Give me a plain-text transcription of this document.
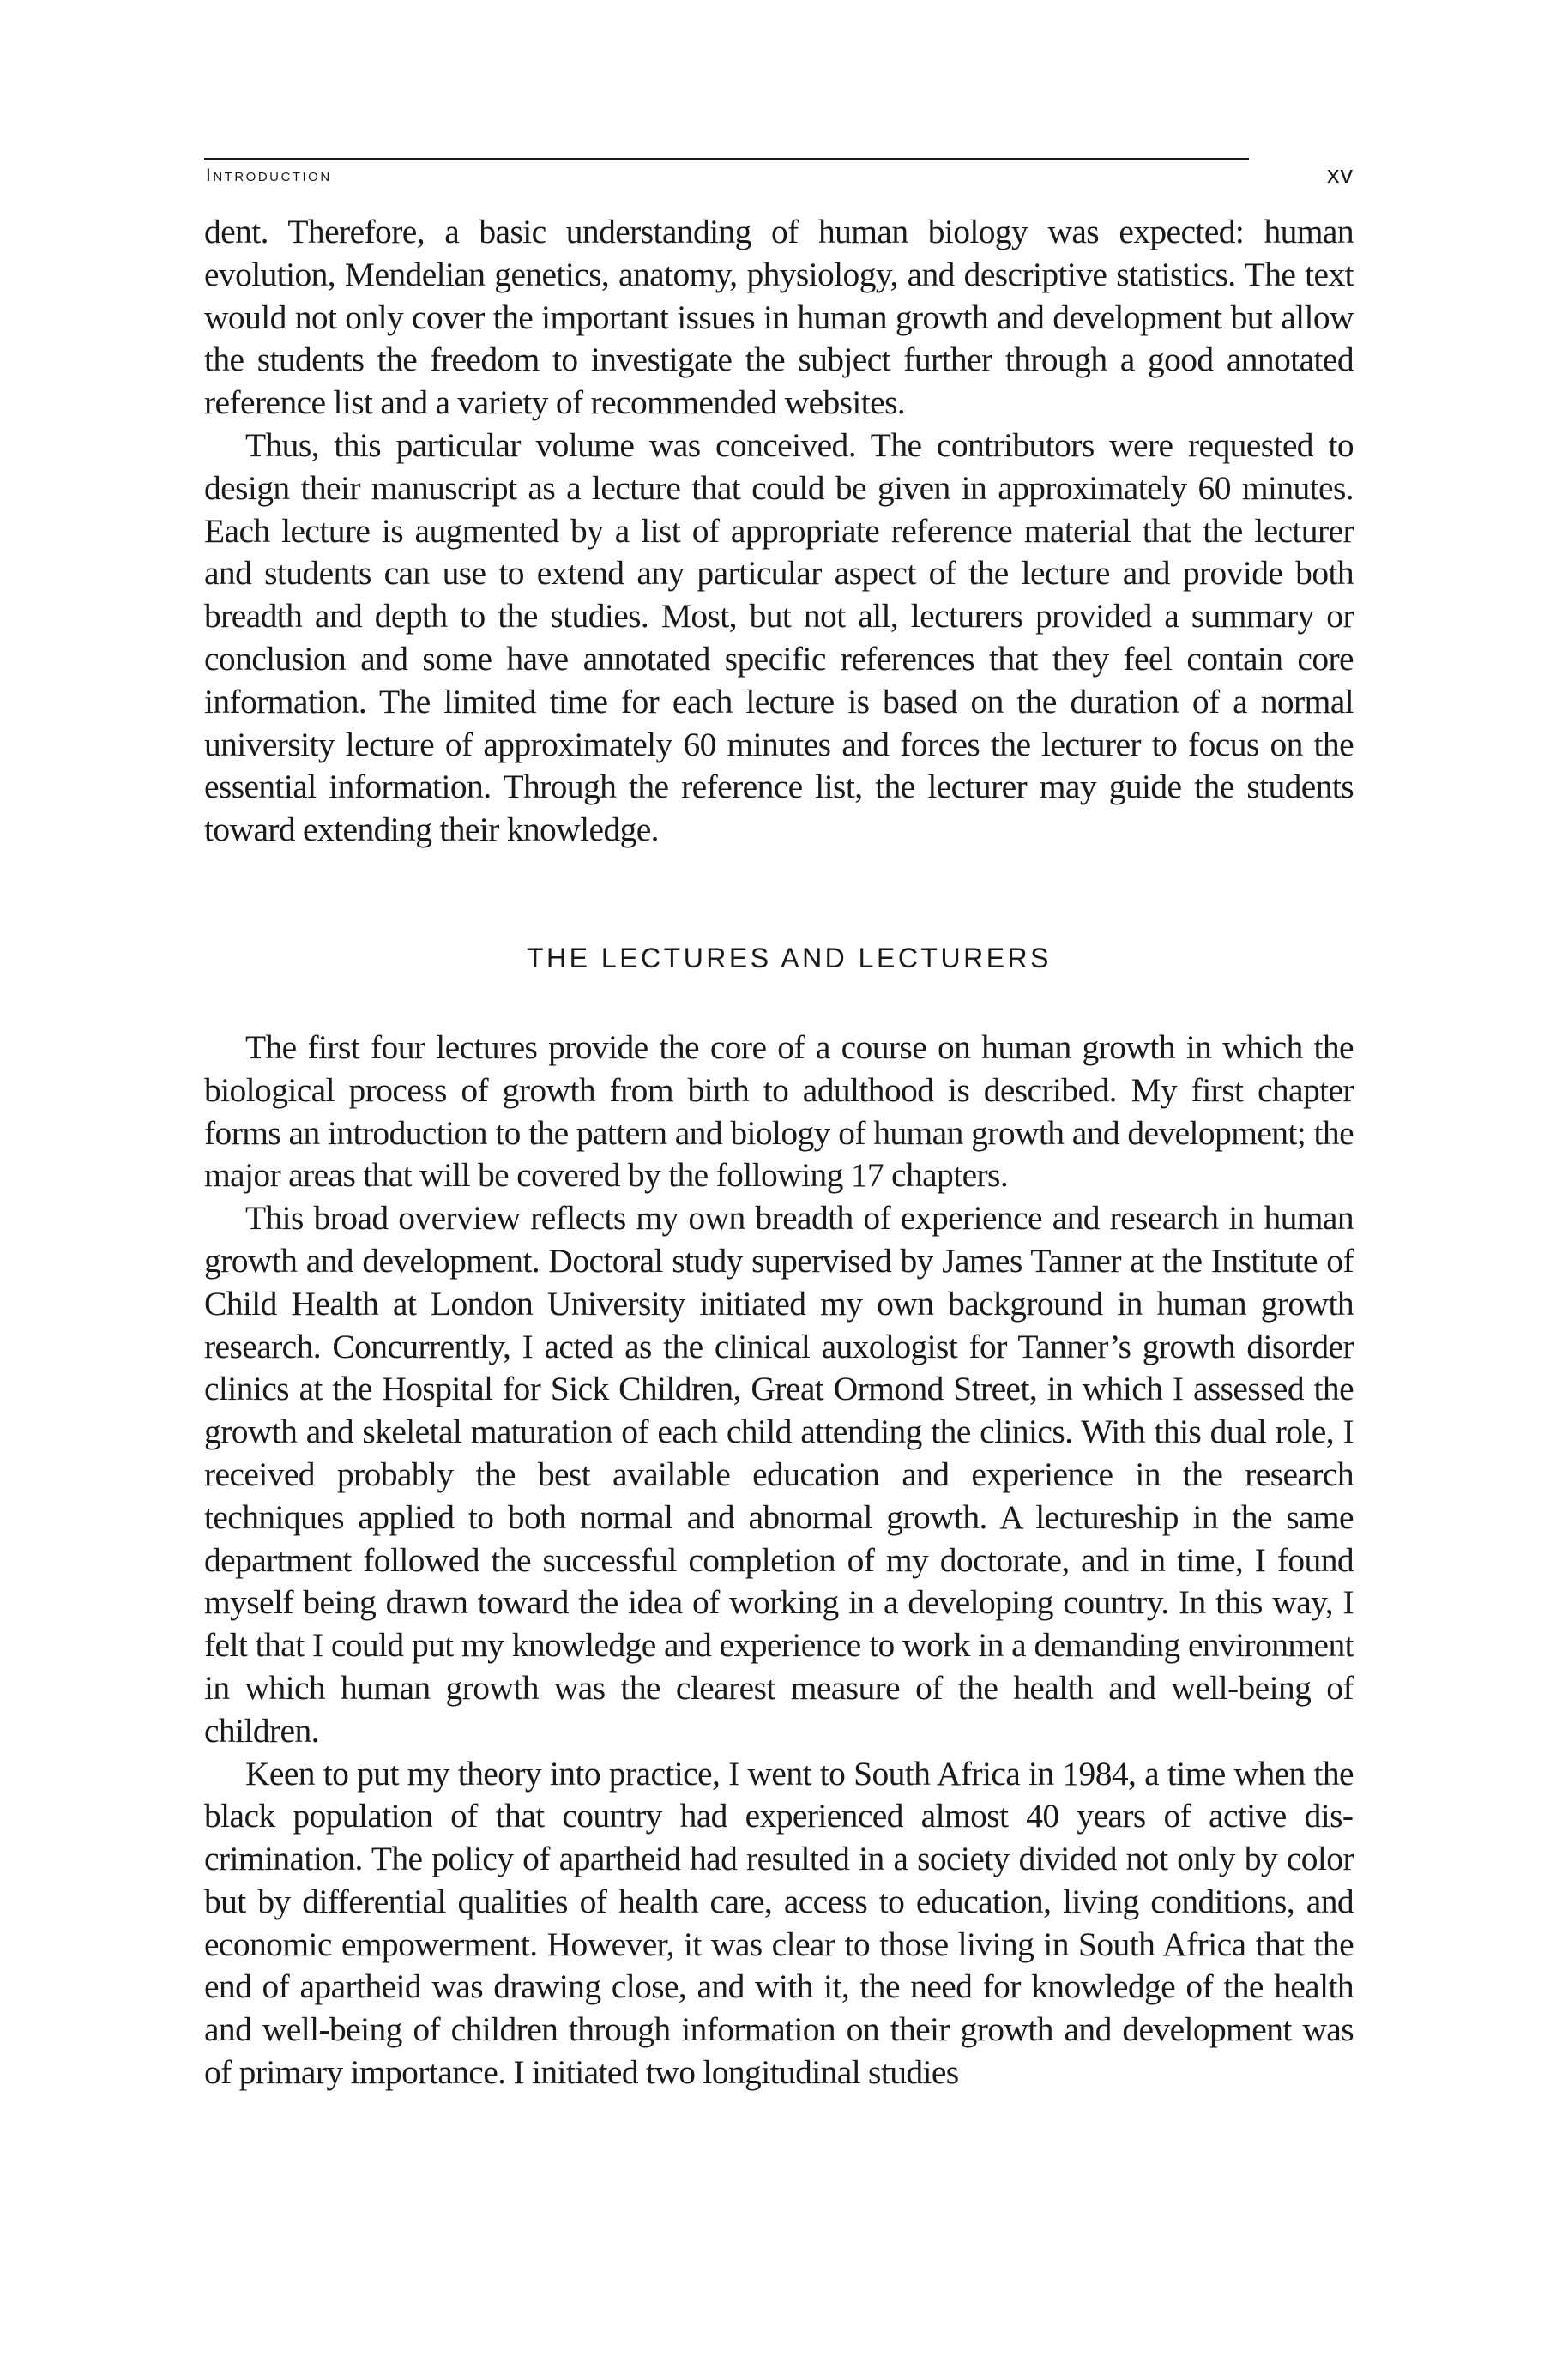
Introduction	xv

dent. Therefore, a basic understanding of human biology was expected: human evolution, Mendelian genetics, anatomy, physiology, and descriptive statistics. The text would not only cover the important issues in human growth and development but allow the students the freedom to investigate the subject further through a good annotated reference list and a variety of recommended websites.

Thus, this particular volume was conceived. The contributors were requested to design their manuscript as a lecture that could be given in approximately 60 minutes. Each lecture is augmented by a list of appropriate reference material that the lecturer and students can use to extend any particular aspect of the lecture and provide both breadth and depth to the studies. Most, but not all, lecturers provided a summary or conclusion and some have annotated specific references that they feel contain core information. The limited time for each lecture is based on the duration of a normal university lecture of approximately 60 minutes and forces the lecturer to focus on the essential information. Through the reference list, the lecturer may guide the students toward extending their knowledge.

THE LECTURES AND LECTURERS

The first four lectures provide the core of a course on human growth in which the biological process of growth from birth to adulthood is described. My first chapter forms an introduction to the pattern and biology of human growth and development; the major areas that will be covered by the following 17 chapters.

This broad overview reflects my own breadth of experience and research in human growth and development. Doctoral study supervised by James Tanner at the Institute of Child Health at London University initiated my own background in human growth research. Concurrently, I acted as the clinical auxologist for Tanner’s growth disorder clinics at the Hospital for Sick Children, Great Ormond Street, in which I assessed the growth and skeletal maturation of each child attending the clinics. With this dual role, I received probably the best available education and experience in the research techniques applied to both normal and abnormal growth. A lectureship in the same department followed the successful completion of my doctorate, and in time, I found myself being drawn toward the idea of working in a developing country. In this way, I felt that I could put my knowledge and experience to work in a demanding environment in which human growth was the clearest measure of the health and well-being of children.

Keen to put my theory into practice, I went to South Africa in 1984, a time when the black population of that country had experienced almost 40 years of active discrimination. The policy of apartheid had resulted in a society divided not only by color but by differential qualities of health care, access to education, living conditions, and economic empowerment. However, it was clear to those living in South Africa that the end of apartheid was drawing close, and with it, the need for knowledge of the health and well-being of children through information on their growth and development was of primary importance. I initiated two longitudinal studies
